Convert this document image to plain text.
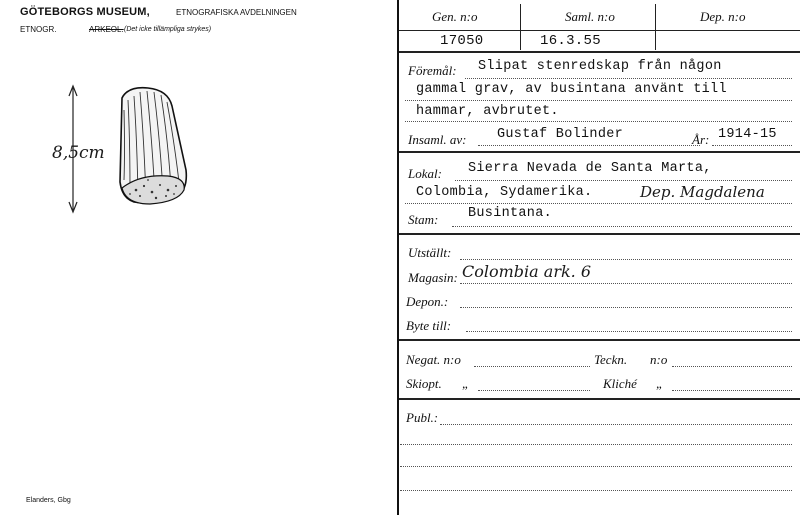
GÖTEBORGS MUSEUM,	ETNOGRAFISKA AVDELNINGEN
ETNOGR.	ARKEOL. (Det icke tillämpliga strykes)
8,5cm
Elanders, Gbg
Gen. n:o	Saml. n:o	Dep. n:o
17050	16.3.55
Föremål: Slipat stenredskap från någon
gammal grav, av busintana använt till
hammar, avbrutet.
Insaml. av: Gustaf Bolinder	År: 1914-15
Lokal: Sierra Nevada de Santa Marta,
Colombia, Sydamerika.	Dep. Magdalena
Stam: Busintana.
Utställt:
Magasin: Colombia ark. 6
Depon.:
Byte till:
Negat. n:o	Teckn. n:o
Skiopt. „	Kliché „
Publ.:
